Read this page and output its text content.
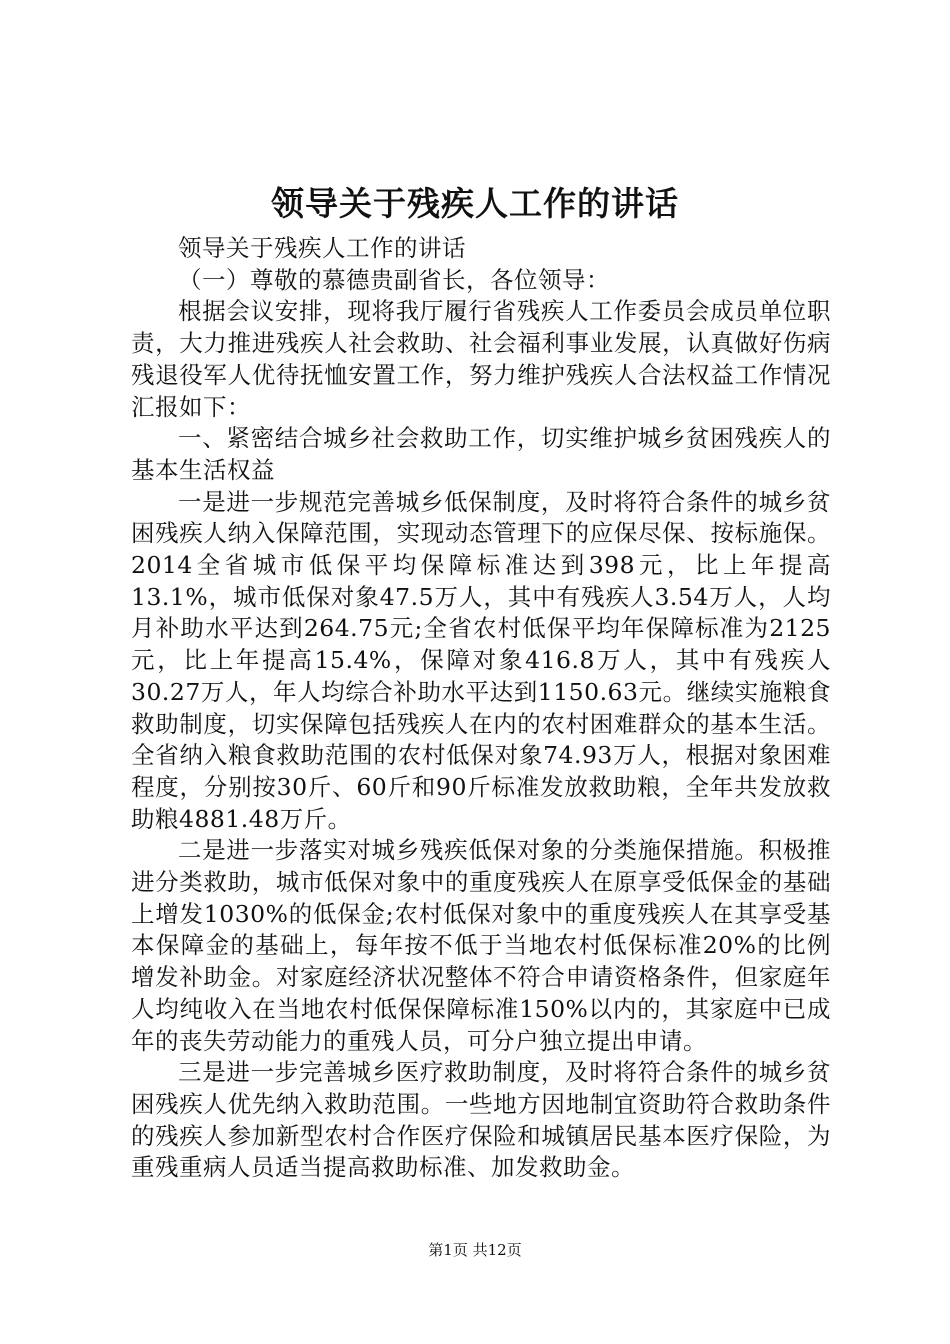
领导关于残疾人工作的讲话

领导关于残疾人工作的讲话

（一）尊敬的慕德贵副省长，各位领导：

根据会议安排，现将我厅履行省残疾人工作委员会成员单位职责，大力推进残疾人社会救助、社会福利事业发展，认真做好伤病残退役军人优待抚恤安置工作，努力维护残疾人合法权益工作情况汇报如下：

一、紧密结合城乡社会救助工作，切实维护城乡贫困残疾人的基本生活权益

一是进一步规范完善城乡低保制度，及时将符合条件的城乡贫困残疾人纳入保障范围，实现动态管理下的应保尽保、按标施保。2014全省城市低保平均保障标准达到398元，比上年提高13.1%，城市低保对象47.5万人，其中有残疾人3.54万人，人均月补助水平达到264.75元;全省农村低保平均年保障标准为2125元，比上年提高15.4%，保障对象416.8万人，其中有残疾人30.27万人，年人均综合补助水平达到1150.63元。继续实施粮食救助制度，切实保障包括残疾人在内的农村困难群众的基本生活。全省纳入粮食救助范围的农村低保对象74.93万人，根据对象困难程度，分别按30斤、60斤和90斤标准发放救助粮，全年共发放救助粮4881.48万斤。

二是进一步落实对城乡残疾低保对象的分类施保措施。积极推进分类救助，城市低保对象中的重度残疾人在原享受低保金的基础上增发1030%的低保金;农村低保对象中的重度残疾人在其享受基本保障金的基础上，每年按不低于当地农村低保标准20%的比例增发补助金。对家庭经济状况整体不符合申请资格条件，但家庭年人均纯收入在当地农村低保保障标准150%以内的，其家庭中已成年的丧失劳动能力的重残人员，可分户独立提出申请。

三是进一步完善城乡医疗救助制度，及时将符合条件的城乡贫困残疾人优先纳入救助范围。一些地方因地制宜资助符合救助条件的残疾人参加新型农村合作医疗保险和城镇居民基本医疗保险，为重残重病人员适当提高救助标准、加发救助金。

第1页 共12页
